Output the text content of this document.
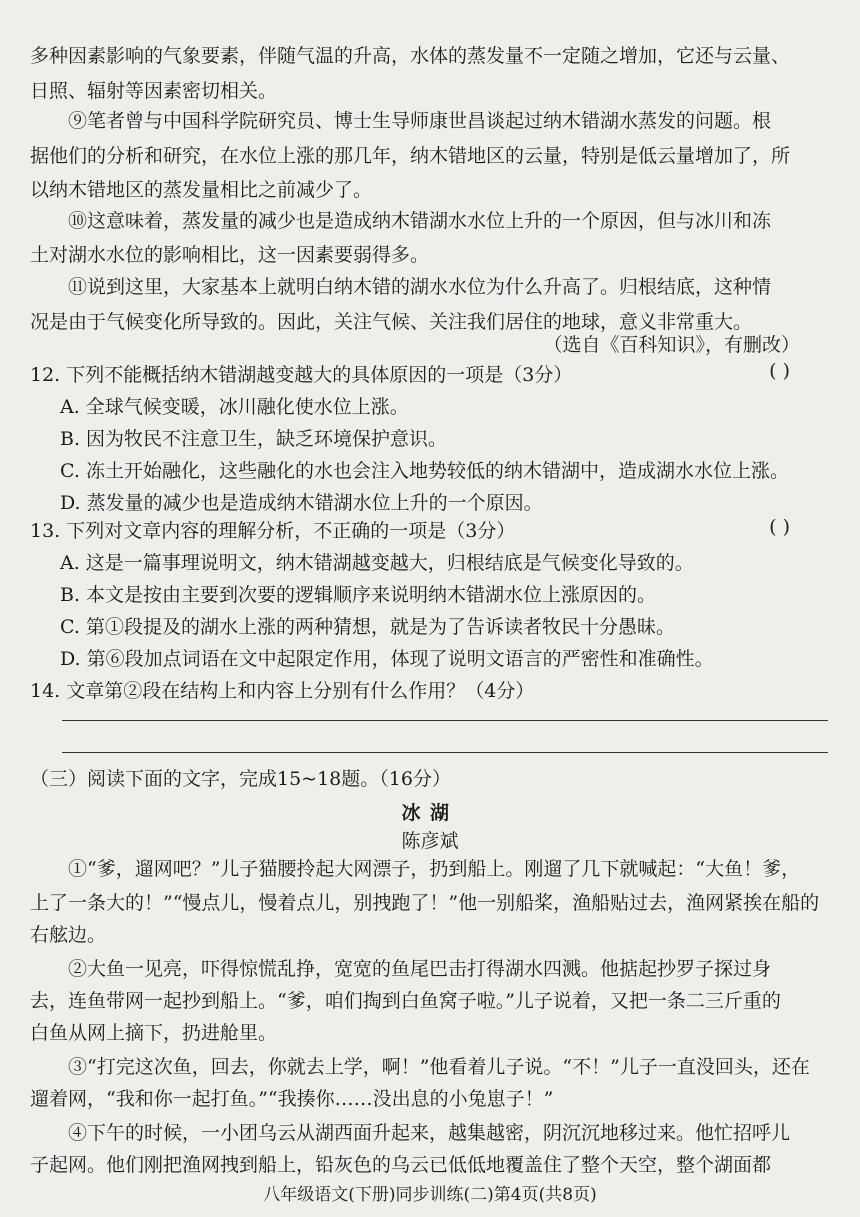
多种因素影响的气象要素，伴随气温的升高，水体的蒸发量不一定随之增加，它还与云量、
日照、辐射等因素密切相关。
⑨笔者曾与中国科学院研究员、博士生导师康世昌谈起过纳木错湖水蒸发的问题。根
据他们的分析和研究，在水位上涨的那几年，纳木错地区的云量，特别是低云量增加了，所
以纳木错地区的蒸发量相比之前减少了。
⑩这意味着，蒸发量的减少也是造成纳木错湖水水位上升的一个原因，但与冰川和冻
土对湖水水位的影响相比，这一因素要弱得多。
⑪说到这里，大家基本上就明白纳木错的湖水水位为什么升高了。归根结底，这种情
况是由于气候变化所导致的。因此，关注气候、关注我们居住的地球，意义非常重大。
（选自《百科知识》，有删改）
12. 下列不能概括纳木错湖越变越大的具体原因的一项是（3分）	( )
A. 全球气候变暖，冰川融化使水位上涨。
B. 因为牧民不注意卫生，缺乏环境保护意识。
C. 冻土开始融化，这些融化的水也会注入地势较低的纳木错湖中，造成湖水水位上涨。
D. 蒸发量的减少也是造成纳木错湖水位上升的一个原因。
13. 下列对文章内容的理解分析，不正确的一项是（3分）	( )
A. 这是一篇事理说明文，纳木错湖越变越大，归根结底是气候变化导致的。
B. 本文是按由主要到次要的逻辑顺序来说明纳木错湖水位上涨原因的。
C. 第①段提及的湖水上涨的两种猜想，就是为了告诉读者牧民十分愚昧。
D. 第⑥段加点词语在文中起限定作用，体现了说明文语言的严密性和准确性。
14. 文章第②段在结构上和内容上分别有什么作用？（4分）
（三）阅读下面的文字，完成15~18题。（16分）
冰湖
陈彦斌
①“爹，遛网吧？”儿子猫腰拎起大网漂子，扔到船上。刚遛了几下就喊起：“大鱼！爹，
上了一条大的！”“慢点儿，慢着点儿，别拽跑了！”他一别船桨，渔船贴过去，渔网紧挨在船的
右舷边。
②大鱼一见亮，吓得惊慌乱挣，宽宽的鱼尾巴击打得湖水四溅。他掂起抄罗子探过身
去，连鱼带网一起抄到船上。“爹，咱们掏到白鱼窝子啦。”儿子说着，又把一条二三斤重的
白鱼从网上摘下，扔进舱里。
③“打完这次鱼，回去，你就去上学，啊！”他看着儿子说。“不！”儿子一直没回头，还在
遛着网，“我和你一起打鱼。”“我揍你……没出息的小兔崽子！”
④下午的时候，一小团乌云从湖西面升起来，越集越密，阴沉沉地移过来。他忙招呼儿
子起网。他们刚把渔网拽到船上，铅灰色的乌云已低低地覆盖住了整个天空，整个湖面都
八年级语文(下册)同步训练(二)第4页(共8页)
